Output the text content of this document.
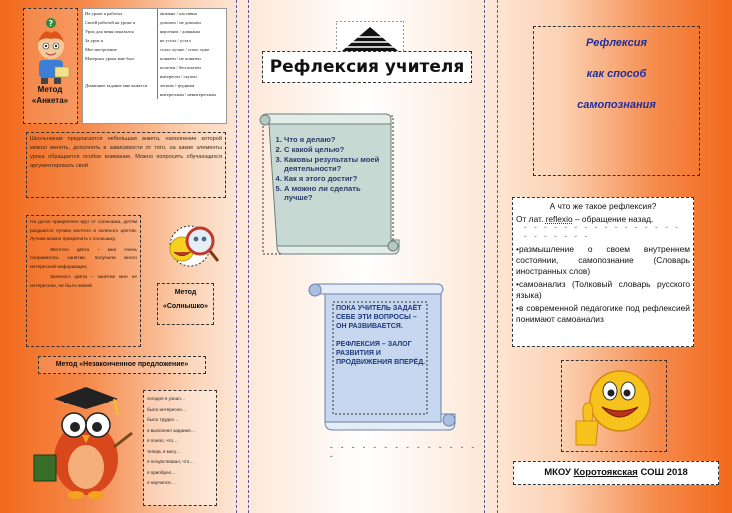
?
Метод «Анкета»
На уроке я работал	активно / пассивно
Своей работой на уроке я	доволен / не доволен
Урок для меня показался	коротким / длинным
За урок я	не устал / устал
Мое настроение	стало лучше / стало хуже
Материал урока мне был	понятен / не понятен
	полезен / бесполезен
	интересен / скучен
Домашнее задание мне кажется	легким / трудным
	интересным / неинтересным
Школьникам предлагается небольшая анкета, наполнение которой можно менять, дополнять в зависимости от того, на какие элементы урока обращается особое внимание. Можно попросить обучающихся аргументировать свой

На доске прикреплен круг от солнышка, детям раздаются лучики желтого и зеленого цветов. Лучики можно прикрепить к солнышку.

Желтого цвета – мне очень понравилось занятие, получили много интересной информации;

Зеленого цвета – занятие мне не интересное, не было живой

Метод
«Солнышко»
Метод «Незаконченное предложение»
сегодня я узнал…
было интересно…
было трудно…
я выполнял задания…
я понял, что…
теперь я могу…
я почувствовал, что…
я приобрел…
я научился…
Рефлексия учителя
1. Что я делаю?
2. С какой целью?
3. Каковы результаты моей деятельности?
4. Как я этого достиг?
5. А можно ли сделать лучше?

ПОКА УЧИТЕЛЬ ЗАДАЁТ СЕБЕ ЭТИ ВОПРОСЫ – ОН РАЗВИВАЕТСЯ.

РЕФЛЕКСИЯ – ЗАЛОГ РАЗВИТИЯ И ПРОДВИЖЕНИЯ ВПЕРЁД.

ˇ ˇ ˇ ˇ ˇ ˇ ˇ ˇ ˇ ˇ ˇ ˇ ˇ ˇ ˇ
Рефлексия
как способ
самопознания
А что же такое рефлексия?
От лат. reflexio – обращение назад.
ˇ ˇ ˇ ˇ ˇ ˇ ˇ ˇ ˇ ˇ ˇ ˇ ˇ ˇ ˇ ˇ ˇ ˇ ˇ ˇ ˇ ˇ ˇ
• размышление о своем внутреннем состоянии, самопознание (Словарь иностранных слов)
• самоанализ (Толковый словарь русского языка)
• в современной педагогике под рефлексией понимают самоанализ
МКОУ Коротоякская СОШ 2018
